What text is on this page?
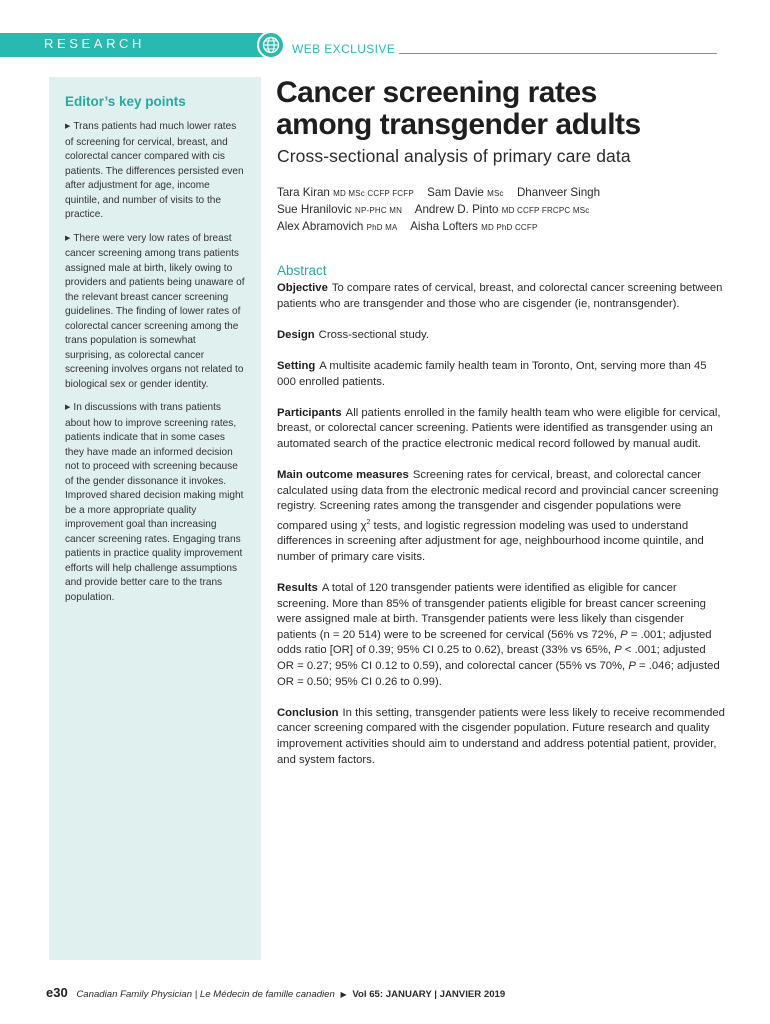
RESEARCH	WEB EXCLUSIVE
Editor’s key points

▶ Trans patients had much lower rates of screening for cervical, breast, and colorectal cancer compared with cis patients. The differences persisted even after adjustment for age, income quintile, and number of visits to the practice.

▶ There were very low rates of breast cancer screening among trans patients assigned male at birth, likely owing to providers and patients being unaware of the relevant breast cancer screening guidelines. The finding of lower rates of colorectal cancer screening among the trans population is somewhat surprising, as colorectal cancer screening involves organs not related to biological sex or gender identity.

▶ In discussions with trans patients about how to improve screening rates, patients indicate that in some cases they have made an informed decision not to proceed with screening because of the gender dissonance it invokes. Improved shared decision making might be a more appropriate quality improvement goal than increasing cancer screening rates. Engaging trans patients in practice quality improvement efforts will help challenge assumptions and provide better care to the trans population.

Cancer screening rates
among transgender adults
Cross-sectional analysis of primary care data
Tara Kiran MD MSc CCFP FCFP Sam Davie MSc Dhanveer Singh
Sue Hranilovic NP-PHC MN Andrew D. Pinto MD CCFP FRCPC MSc
Alex Abramovich PhD MA Aisha Lofters MD PhD CCFP
Abstract

Objective To compare rates of cervical, breast, and colorectal cancer screening between patients who are transgender and those who are cisgender (ie, nontransgender).

Design Cross-sectional study.

Setting A multisite academic family health team in Toronto, Ont, serving more than 45 000 enrolled patients.

Participants All patients enrolled in the family health team who were eligible for cervical, breast, or colorectal cancer screening. Patients were identified as transgender using an automated search of the practice electronic medical record followed by manual audit.

Main outcome measures Screening rates for cervical, breast, and colorectal cancer calculated using data from the electronic medical record and provincial cancer screening registry. Screening rates among the transgender and cisgender populations were compared using $\chi^2$ tests, and logistic regression modeling was used to understand differences in screening after adjustment for age, neighbourhood income quintile, and number of primary care visits.

Results A total of 120 transgender patients were identified as eligible for cancer screening. More than 85% of transgender patients eligible for breast cancer screening were assigned male at birth. Transgender patients were less likely than cisgender patients (n = 20 514) were to be screened for cervical (56% vs 72%, P = .001; adjusted odds ratio [OR] of 0.39; 95% CI 0.25 to 0.62), breast (33% vs 65%, P < .001; adjusted OR = 0.27; 95% CI 0.12 to 0.59), and colorectal cancer (55% vs 70%, P = .046; adjusted OR = 0.50; 95% CI 0.26 to 0.99).

Conclusion In this setting, transgender patients were less likely to receive recommended cancer screening compared with the cisgender population. Future research and quality improvement activities should aim to understand and address potential patient, provider, and system factors.

e30 Canadian Family Physician | Le Médecin de famille canadien ▶ Vol 65: JANUARY | JANVIER 2019
